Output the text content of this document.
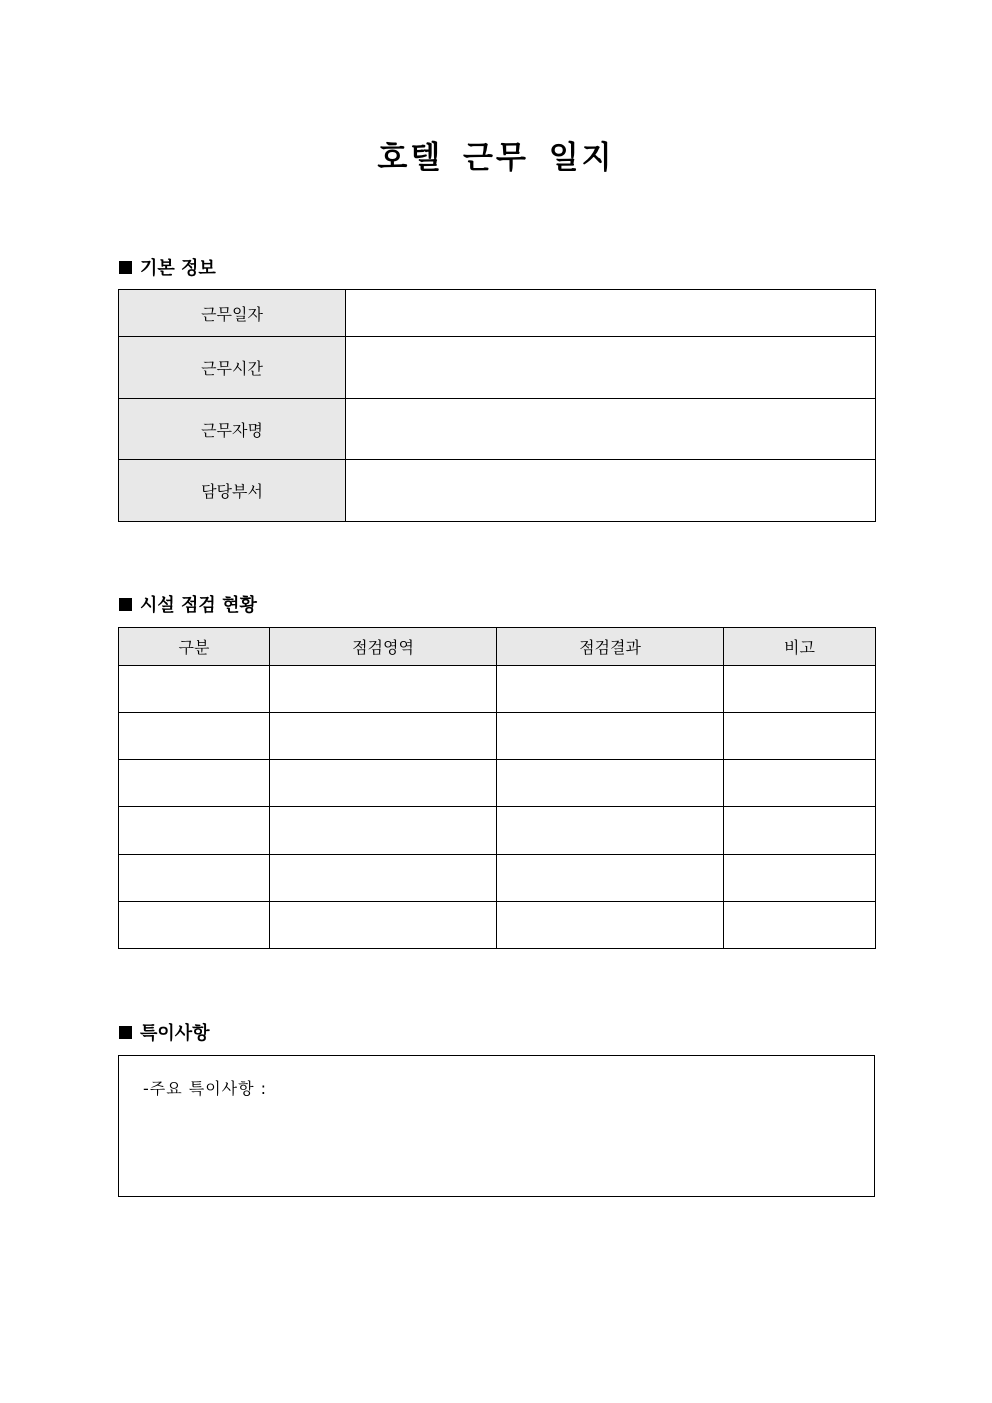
호텔 근무 일지
기본 정보
근무일자	
근무시간	
근무자명	
담당부서	
시설 점검 현황
구분	점검영역	점검결과	비고

특이사항
-주요 특이사항 :
